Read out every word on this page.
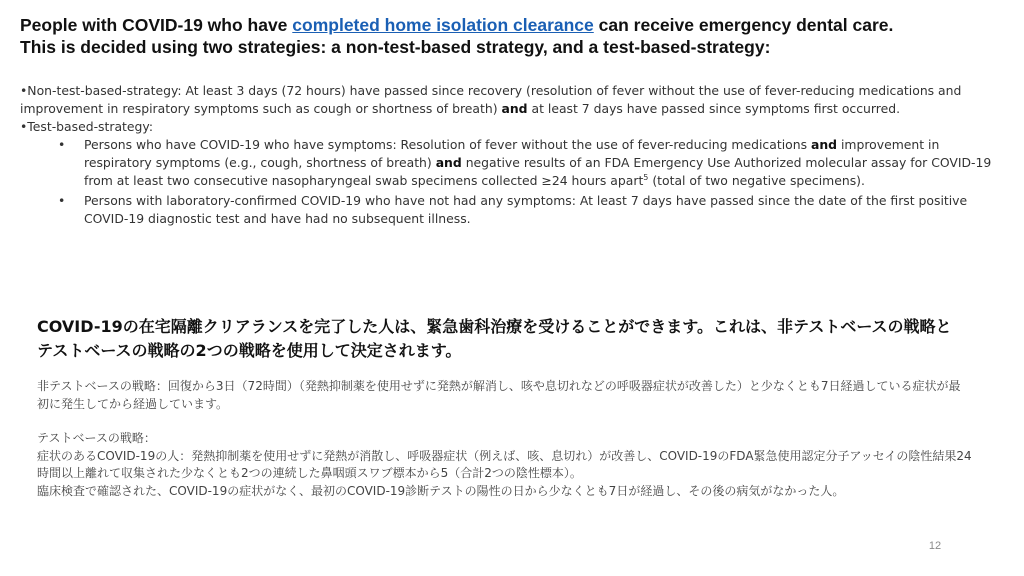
People with COVID-19 who have completed home isolation clearance can receive emergency dental care.
This is decided using two strategies: a non-test-based strategy, and a test-based-strategy:

•Non-test-based-strategy: At least 3 days (72 hours) have passed since recovery (resolution of fever without the use of fever-reducing medications and improvement in respiratory symptoms such as cough or shortness of breath) and at least 7 days have passed since symptoms first occurred.

•Test-based-strategy:

• Persons who have COVID-19 who have symptoms: Resolution of fever without the use of fever-reducing medications and improvement in respiratory symptoms (e.g., cough, shortness of breath) and negative results of an FDA Emergency Use Authorized molecular assay for COVID-19 from at least two consecutive nasopharyngeal swab specimens collected ≥24 hours apart$^5$ (total of two negative specimens).
• Persons with laboratory-confirmed COVID-19 who have not had any symptoms: At least 7 days have passed since the date of the first positive COVID-19 diagnostic test and have had no subsequent illness.
COVID-19の在宅隔離クリアランスを完了した人は、緊急歯科治療を受けることができます。これは、非テストベースの戦略とテストベースの戦略の2つの戦略を使用して決定されます。

非テストベースの戦略：回復から3日（72時間）（発熱抑制薬を使用せずに発熱が解消し、咳や息切れなどの呼吸器症状が改善した）と少なくとも7日経過している症状が最初に発生してから経過しています。

テストベースの戦略：

症状のあるCOVID-19の人：発熱抑制薬を使用せずに発熱が消散し、呼吸器症状（例えば、咳、息切れ）が改善し、COVID-19のFDA緊急使用認定分子アッセイの陰性結果24時間以上離れて収集された少なくとも2つの連続した鼻咽頭スワブ標本から5（合計2つの陰性標本）。

臨床検査で確認された、COVID-19の症状がなく、最初のCOVID-19診断テストの陽性の日から少なくとも7日が経過し、その後の病気がなかった人。

12
